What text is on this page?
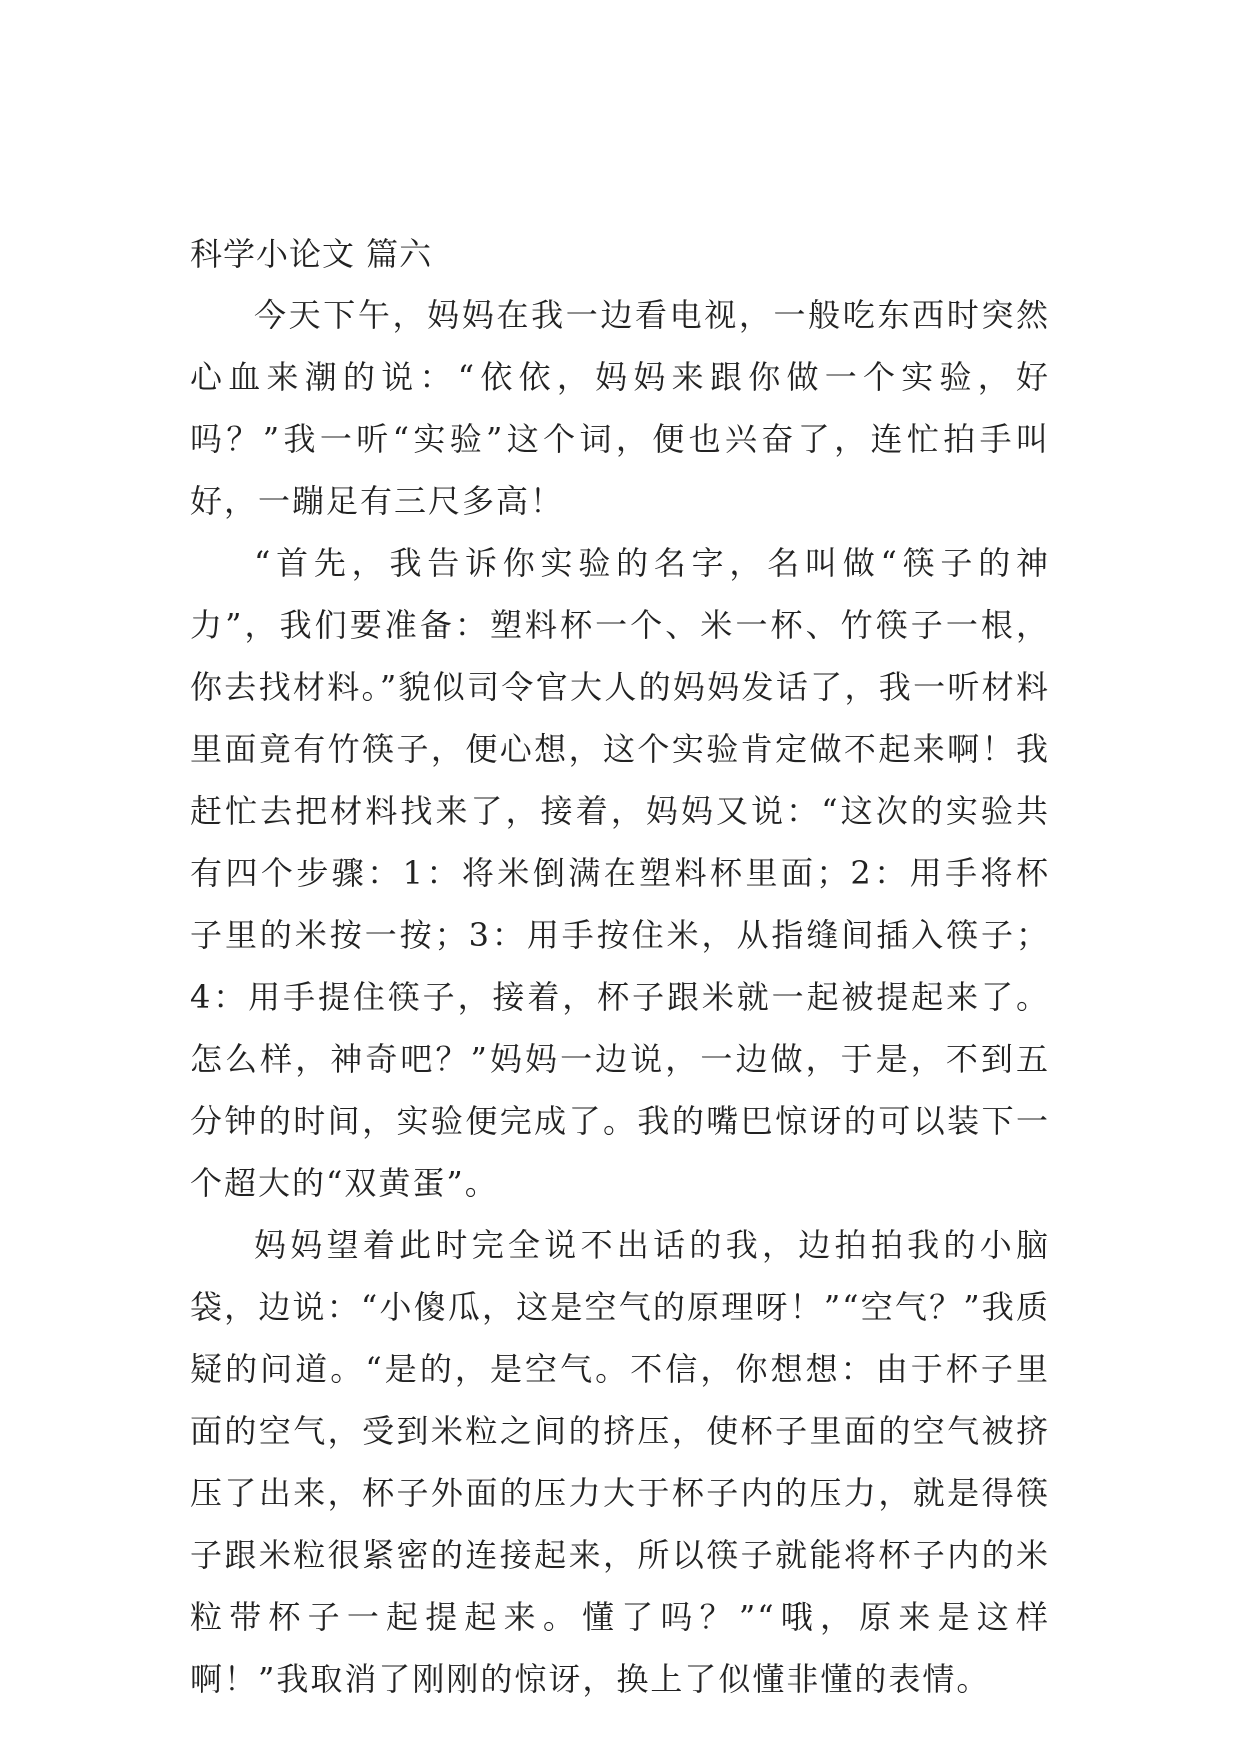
科学小论文 篇六

今天下午，妈妈在我一边看电视，一般吃东西时突然心血来潮的说：“依依，妈妈来跟你做一个实验，好吗？”我一听“实验”这个词，便也兴奋了，连忙拍手叫好，一蹦足有三尺多高！

“首先，我告诉你实验的名字，名叫做“筷子的神力”，我们要准备：塑料杯一个、米一杯、竹筷子一根，你去找材料。”貌似司令官大人的妈妈发话了，我一听材料里面竟有竹筷子，便心想，这个实验肯定做不起来啊！我赶忙去把材料找来了，接着，妈妈又说：“这次的实验共有四个步骤：1：将米倒满在塑料杯里面；2：用手将杯子里的米按一按；3：用手按住米，从指缝间插入筷子；4：用手提住筷子，接着，杯子跟米就一起被提起来了。怎么样，神奇吧？”妈妈一边说，一边做，于是，不到五分钟的时间，实验便完成了。我的嘴巴惊讶的可以装下一个超大的“双黄蛋”。

妈妈望着此时完全说不出话的我，边拍拍我的小脑袋，边说：“小傻瓜，这是空气的原理呀！”“空气？”我质疑的问道。“是的，是空气。不信，你想想：由于杯子里面的空气，受到米粒之间的挤压，使杯子里面的空气被挤压了出来，杯子外面的压力大于杯子内的压力，就是得筷子跟米粒很紧密的连接起来，所以筷子就能将杯子内的米粒带杯子一起提起来。懂了吗？”“哦，原来是这样啊！”我取消了刚刚的惊讶，换上了似懂非懂的表情。
